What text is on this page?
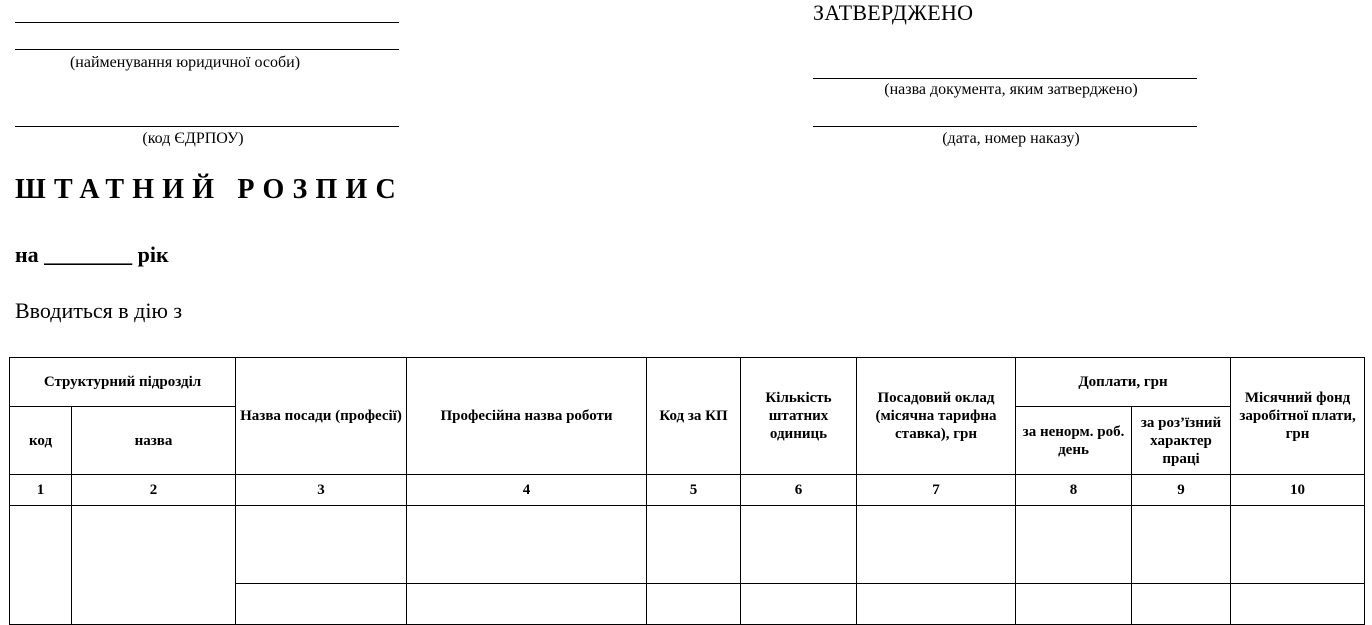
(найменування юридичної особи)
(код ЄДРПОУ)
ЗАТВЕРДЖЕНО
(назва документа, яким затверджено)
(дата, номер наказу)
ШТАТНИЙ РОЗПИС
на ________ рік
Вводиться в дію з
Структурний підрозділ		Назва посади (професії)	Професійна назва роботи	Код за КП	Кількість штатних одиниць	Посадовий оклад (місячна тарифна ставка), грн	Доплати, грн		Місячний фонд заробітної плати, грн
код	назва						за ненорм. роб. день	за роз’їзний характер праці	
1	2	3	4	5	6	7	8	9	10
